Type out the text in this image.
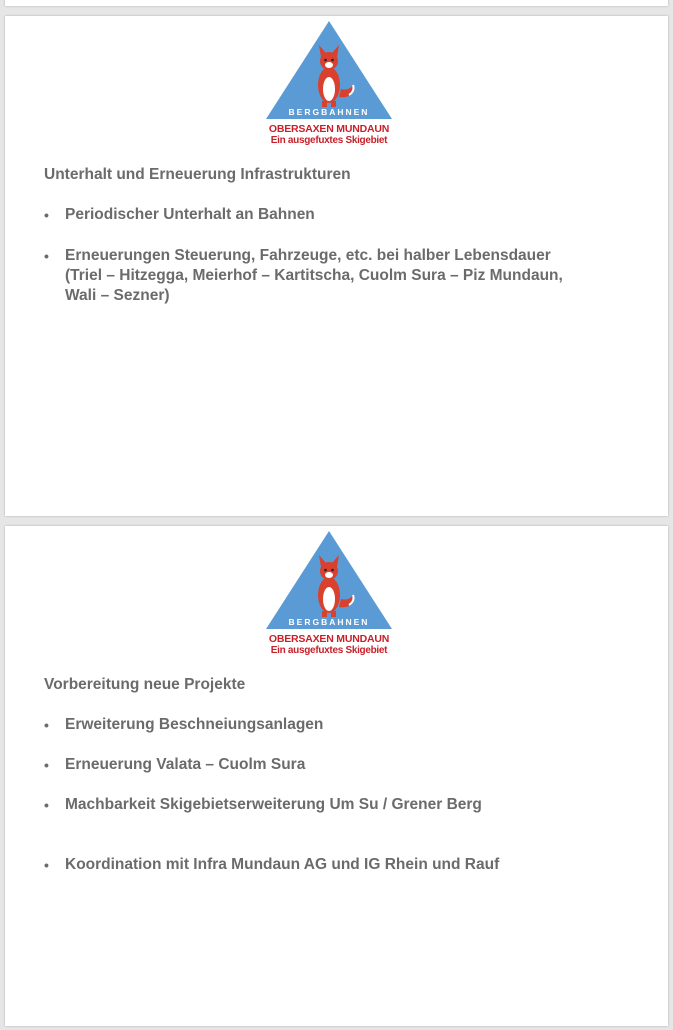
BERGBAHNEN
OBERSAXEN MUNDAUN
Ein ausgefuxtes Skigebiet
Unterhalt und Erneuerung Infrastrukturen
• Periodischer Unterhalt an Bahnen
• Erneuerungen Steuerung, Fahrzeuge, etc. bei halber Lebensdauer (Triel – Hitzegga, Meierhof – Kartitscha, Cuolm Sura – Piz Mundaun, Wali – Sezner)
BERGBAHNEN
OBERSAXEN MUNDAUN
Ein ausgefuxtes Skigebiet
Vorbereitung neue Projekte
• Erweiterung Beschneiungsanlagen
• Erneuerung Valata – Cuolm Sura
• Machbarkeit Skigebietserweiterung Um Su / Grener Berg
• Koordination mit Infra Mundaun AG und IG Rhein und Rauf
